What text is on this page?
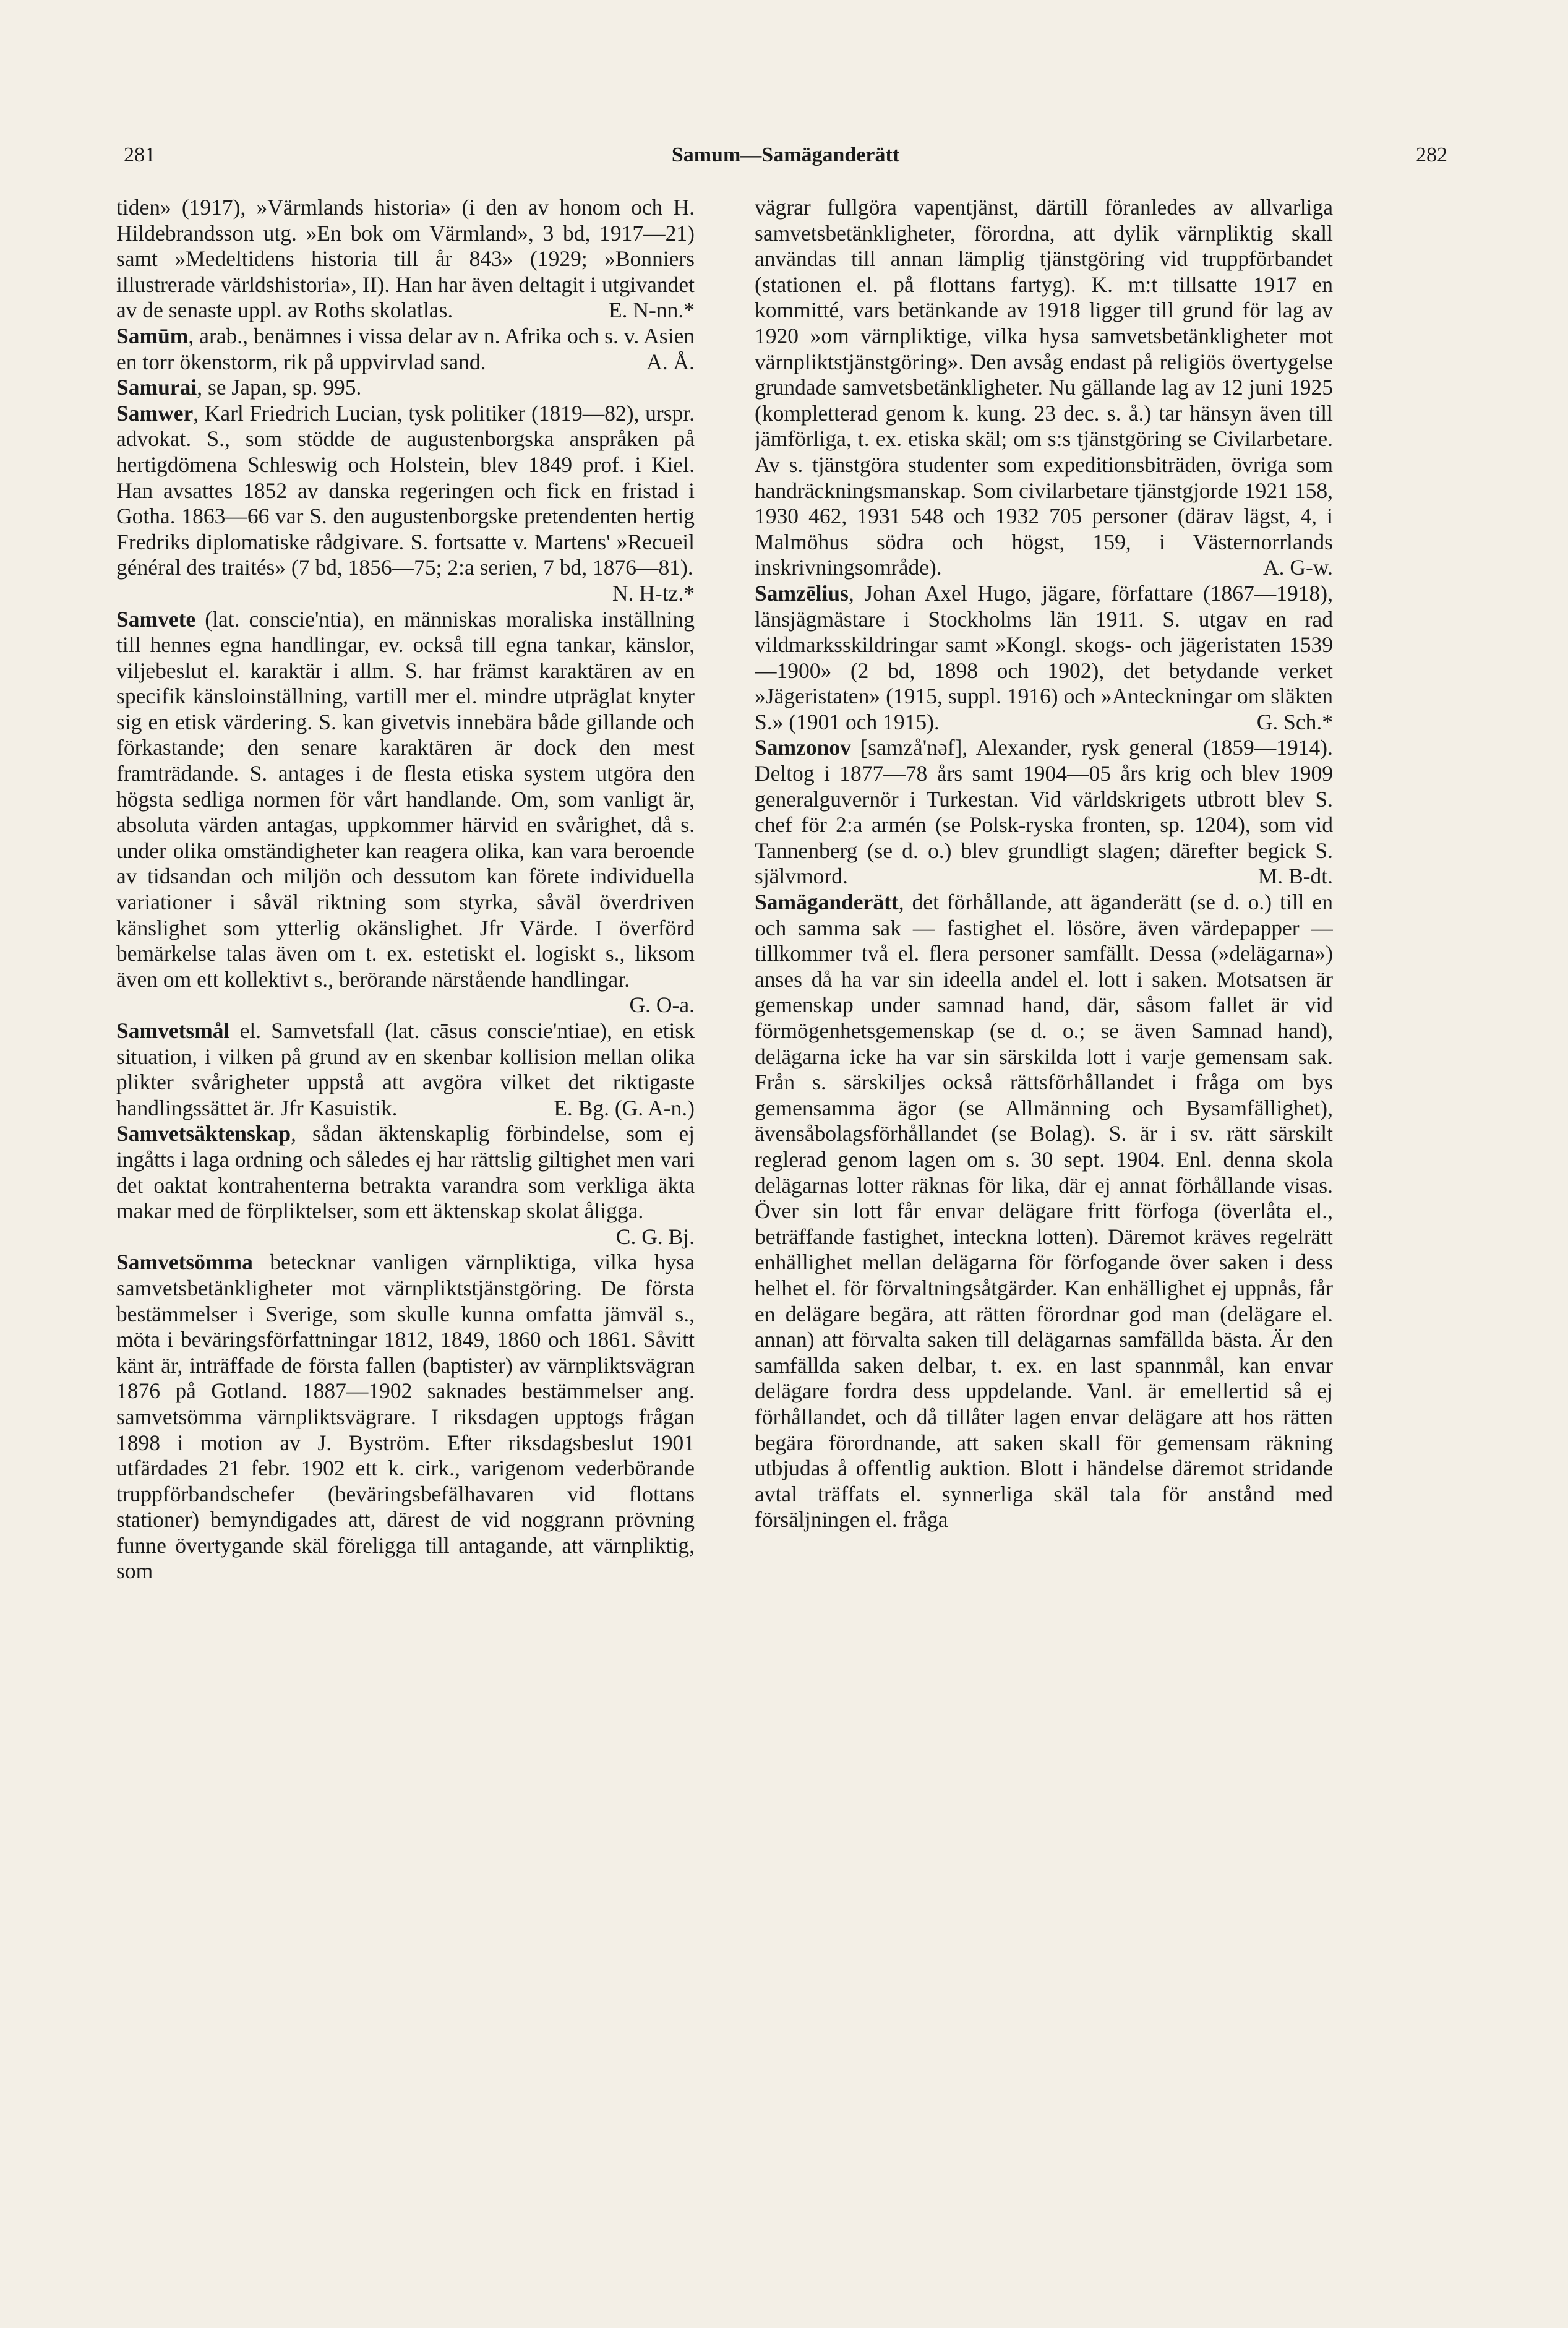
281	Samum—Samäganderätt	282

tiden» (1917), »Värmlands historia» (i den av honom och H. Hildebrandsson utg. »En bok om Värmland», 3 bd, 1917—21) samt »Medeltidens historia till år 843» (1929; »Bonniers illustrerade världshistoria», II). Han har även deltagit i utgivandet av de senaste uppl. av Roths skolatlas.	E. N-nn.*

Samūm, arab., benämnes i vissa delar av n. Afrika och s. v. Asien en torr ökenstorm, rik på uppvirvlad sand.	A. Å.

Samurai, se Japan, sp. 995.

Samwer, Karl Friedrich Lucian, tysk politiker (1819—82), urspr. advokat. S., som stödde de augustenborgska anspråken på hertigdömena Schleswig och Holstein, blev 1849 prof. i Kiel. Han avsattes 1852 av danska regeringen och fick en fristad i Gotha. 1863—66 var S. den augustenborgske pretendenten hertig Fredriks diplomatiske rådgivare. S. fortsatte v. Martens' »Recueil général des traités» (7 bd, 1856—75; 2:a serien, 7 bd, 1876—81).
N. H-tz.*

Samvete (lat. conscie'ntia), en människas moraliska inställning till hennes egna handlingar, ev. också till egna tankar, känslor, viljebeslut el. karaktär i allm. S. har främst karaktären av en specifik känsloinställning, vartill mer el. mindre utpräglat knyter sig en etisk värdering. S. kan givetvis innebära både gillande och förkastande; den senare karaktären är dock den mest framträdande. S. antages i de flesta etiska system utgöra den högsta sedliga normen för vårt handlande. Om, som vanligt är, absoluta värden antagas, uppkommer härvid en svårighet, då s. under olika omständigheter kan reagera olika, kan vara beroende av tidsandan och miljön och dessutom kan förete individuella variationer i såväl riktning som styrka, såväl överdriven känslighet som ytterlig okänslighet. Jfr Värde. I överförd bemärkelse talas även om t. ex. estetiskt el. logiskt s., liksom även om ett kollektivt s., berörande närstående handlingar.
G. O-a.

Samvetsmål el. Samvetsfall (lat. cāsus conscie'ntiae), en etisk situation, i vilken på grund av en skenbar kollision mellan olika plikter svårigheter uppstå att avgöra vilket det riktigaste handlingssättet är. Jfr Kasuistik.	E. Bg. (G. A-n.)

Samvetsäktenskap, sådan äktenskaplig förbindelse, som ej ingåtts i laga ordning och således ej har rättslig giltighet men vari det oaktat kontrahenterna betrakta varandra som verkliga äkta makar med de förpliktelser, som ett äktenskap skolat åligga.
C. G. Bj.

Samvetsömma betecknar vanligen värnpliktiga, vilka hysa samvetsbetänkligheter mot värnpliktstjänstgöring. De första bestämmelser i Sverige, som skulle kunna omfatta jämväl s., möta i beväringsförfattningar 1812, 1849, 1860 och 1861. Såvitt känt är, inträffade de första fallen (baptister) av värnpliktsvägran 1876 på Gotland. 1887—1902 saknades bestämmelser ang. samvetsömma värnpliktsvägrare. I riksdagen upptogs frågan 1898 i motion av J. Byström. Efter riksdagsbeslut 1901 utfärdades 21 febr. 1902 ett k. cirk., varigenom vederbörande truppförbandschefer (beväringsbefälhavaren vid flottans stationer) bemyndigades att, därest de vid noggrann prövning funne övertygande skäl föreligga till antagande, att värnpliktig, som

vägrar fullgöra vapentjänst, därtill föranledes av allvarliga samvetsbetänkligheter, förordna, att dylik värnpliktig skall användas till annan lämplig tjänstgöring vid truppförbandet (stationen el. på flottans fartyg). K. m:t tillsatte 1917 en kommitté, vars betänkande av 1918 ligger till grund för lag av 1920 »om värnpliktige, vilka hysa samvetsbetänkligheter mot värnpliktstjänstgöring». Den avsåg endast på religiös övertygelse grundade samvetsbetänkligheter. Nu gällande lag av 12 juni 1925 (kompletterad genom k. kung. 23 dec. s. å.) tar hänsyn även till jämförliga, t. ex. etiska skäl; om s:s tjänstgöring se Civilarbetare. Av s. tjänstgöra studenter som expeditionsbiträden, övriga som handräckningsmanskap. Som civilarbetare tjänstgjorde 1921 158, 1930 462, 1931 548 och 1932 705 personer (därav lägst, 4, i Malmöhus södra och högst, 159, i Västernorrlands inskrivningsområde).	A. G-w.

Samzēlius, Johan Axel Hugo, jägare, författare (1867—1918), länsjägmästare i Stockholms län 1911. S. utgav en rad vildmarksskildringar samt »Kongl. skogs- och jägeristaten 1539—1900» (2 bd, 1898 och 1902), det betydande verket »Jägeristaten» (1915, suppl. 1916) och »Anteckningar om släkten S.» (1901 och 1915).	G. Sch.*

Samzonov [samzå'nəf], Alexander, rysk general (1859—1914). Deltog i 1877—78 års samt 1904—05 års krig och blev 1909 generalguvernör i Turkestan. Vid världskrigets utbrott blev S. chef för 2:a armén (se Polsk-ryska fronten, sp. 1204), som vid Tannenberg (se d. o.) blev grundligt slagen; därefter begick S. självmord.	M. B-dt.

Samäganderätt, det förhållande, att äganderätt (se d. o.) till en och samma sak — fastighet el. lösöre, även värdepapper — tillkommer två el. flera personer samfällt. Dessa (»delägarna») anses då ha var sin ideella andel el. lott i saken. Motsatsen är gemenskap under samnad hand, där, såsom fallet är vid förmögenhetsgemenskap (se d. o.; se även Samnad hand), delägarna icke ha var sin särskilda lott i varje gemensam sak. Från s. särskiljes också rättsförhållandet i fråga om bys gemensamma ägor (se Allmänning och Bysamfällighet), ävensåbolagsförhållandet (se Bolag). S. är i sv. rätt särskilt reglerad genom lagen om s. 30 sept. 1904. Enl. denna skola delägarnas lotter räknas för lika, där ej annat förhållande visas. Över sin lott får envar delägare fritt förfoga (överlåta el., beträffande fastighet, inteckna lotten). Däremot kräves regelrätt enhällighet mellan delägarna för förfogande över saken i dess helhet el. för förvaltningsåtgärder. Kan enhällighet ej uppnås, får en delägare begära, att rätten förordnar god man (delägare el. annan) att förvalta saken till delägarnas samfällda bästa. Är den samfällda saken delbar, t. ex. en last spannmål, kan envar delägare fordra dess uppdelande. Vanl. är emellertid så ej förhållandet, och då tillåter lagen envar delägare att hos rätten begära förordnande, att saken skall för gemensam räkning utbjudas å offentlig auktion. Blott i händelse däremot stridande avtal träffats el. synnerliga skäl tala för anstånd med försäljningen el. fråga
